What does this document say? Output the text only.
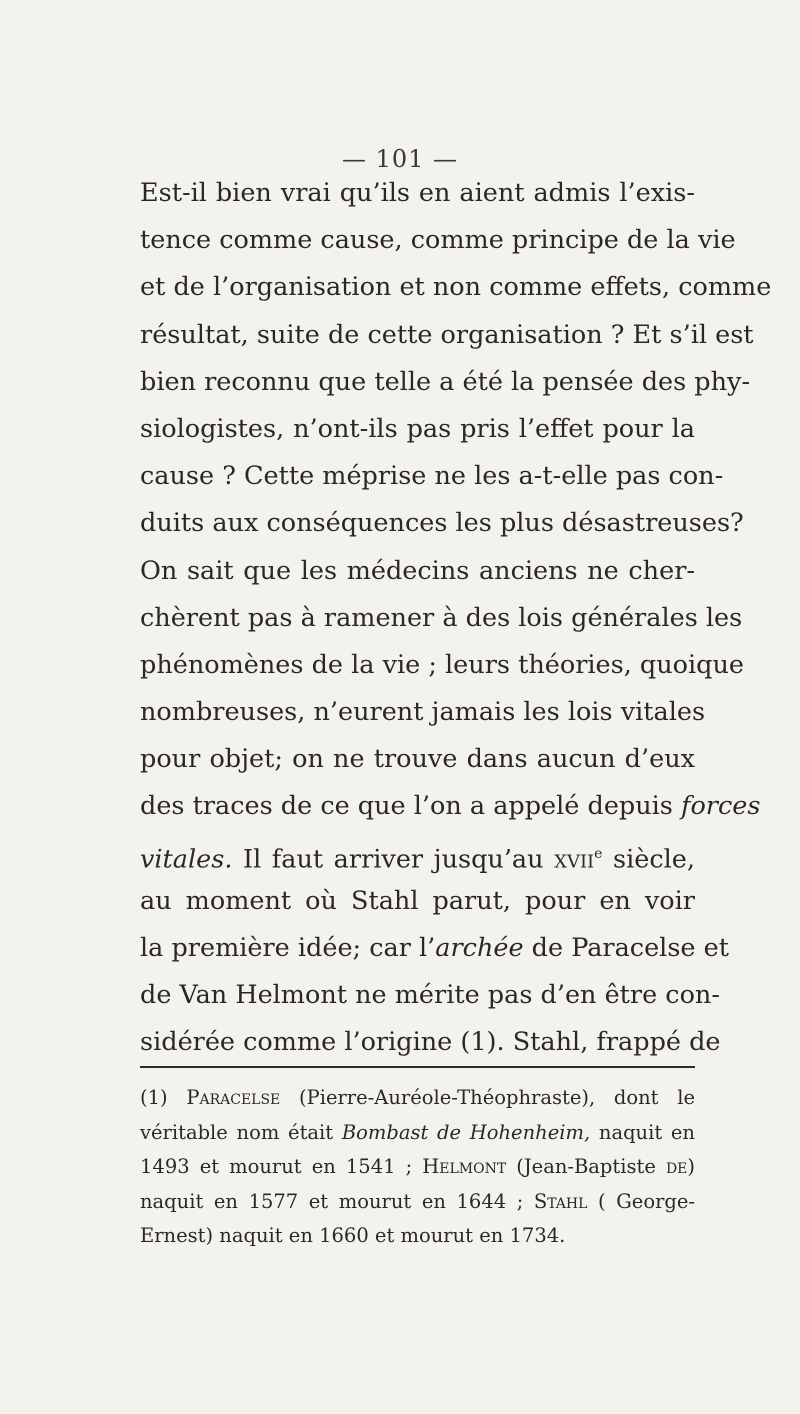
— 101 —
Est-il bien vrai qu’ils en aient admis l’exis-
tence comme cause, comme principe de la vie
et de l’organisation et non comme effets, comme
résultat, suite de cette organisation ? Et s’il est
bien reconnu que telle a été la pensée des phy-
siologistes, n’ont-ils pas pris l’effet pour la
cause ? Cette méprise ne les a-t-elle pas con-
duits aux conséquences les plus désastreuses?
On sait que les médecins anciens ne cher-
chèrent pas à ramener à des lois générales les
phénomènes de la vie ; leurs théories, quoique
nombreuses, n’eurent jamais les lois vitales
pour objet; on ne trouve dans aucun d’eux
des traces de ce que l’on a appelé depuis forces
vitales. Il faut arriver jusqu’au xvii$^e$ siècle,
au moment où Stahl parut, pour en voir
la première idée; car l’archée de Paracelse et
de Van Helmont ne mérite pas d’en être con-
sidérée comme l’origine (1). Stahl, frappé de
(1) Paracelse (Pierre-Auréole-Théophraste), dont le
véritable nom était Bombast de Hohenheim, naquit en
1493 et mourut en 1541 ; Helmont (Jean-Baptiste de)
naquit en 1577 et mourut en 1644 ; Stahl ( George-
Ernest) naquit en 1660 et mourut en 1734.
